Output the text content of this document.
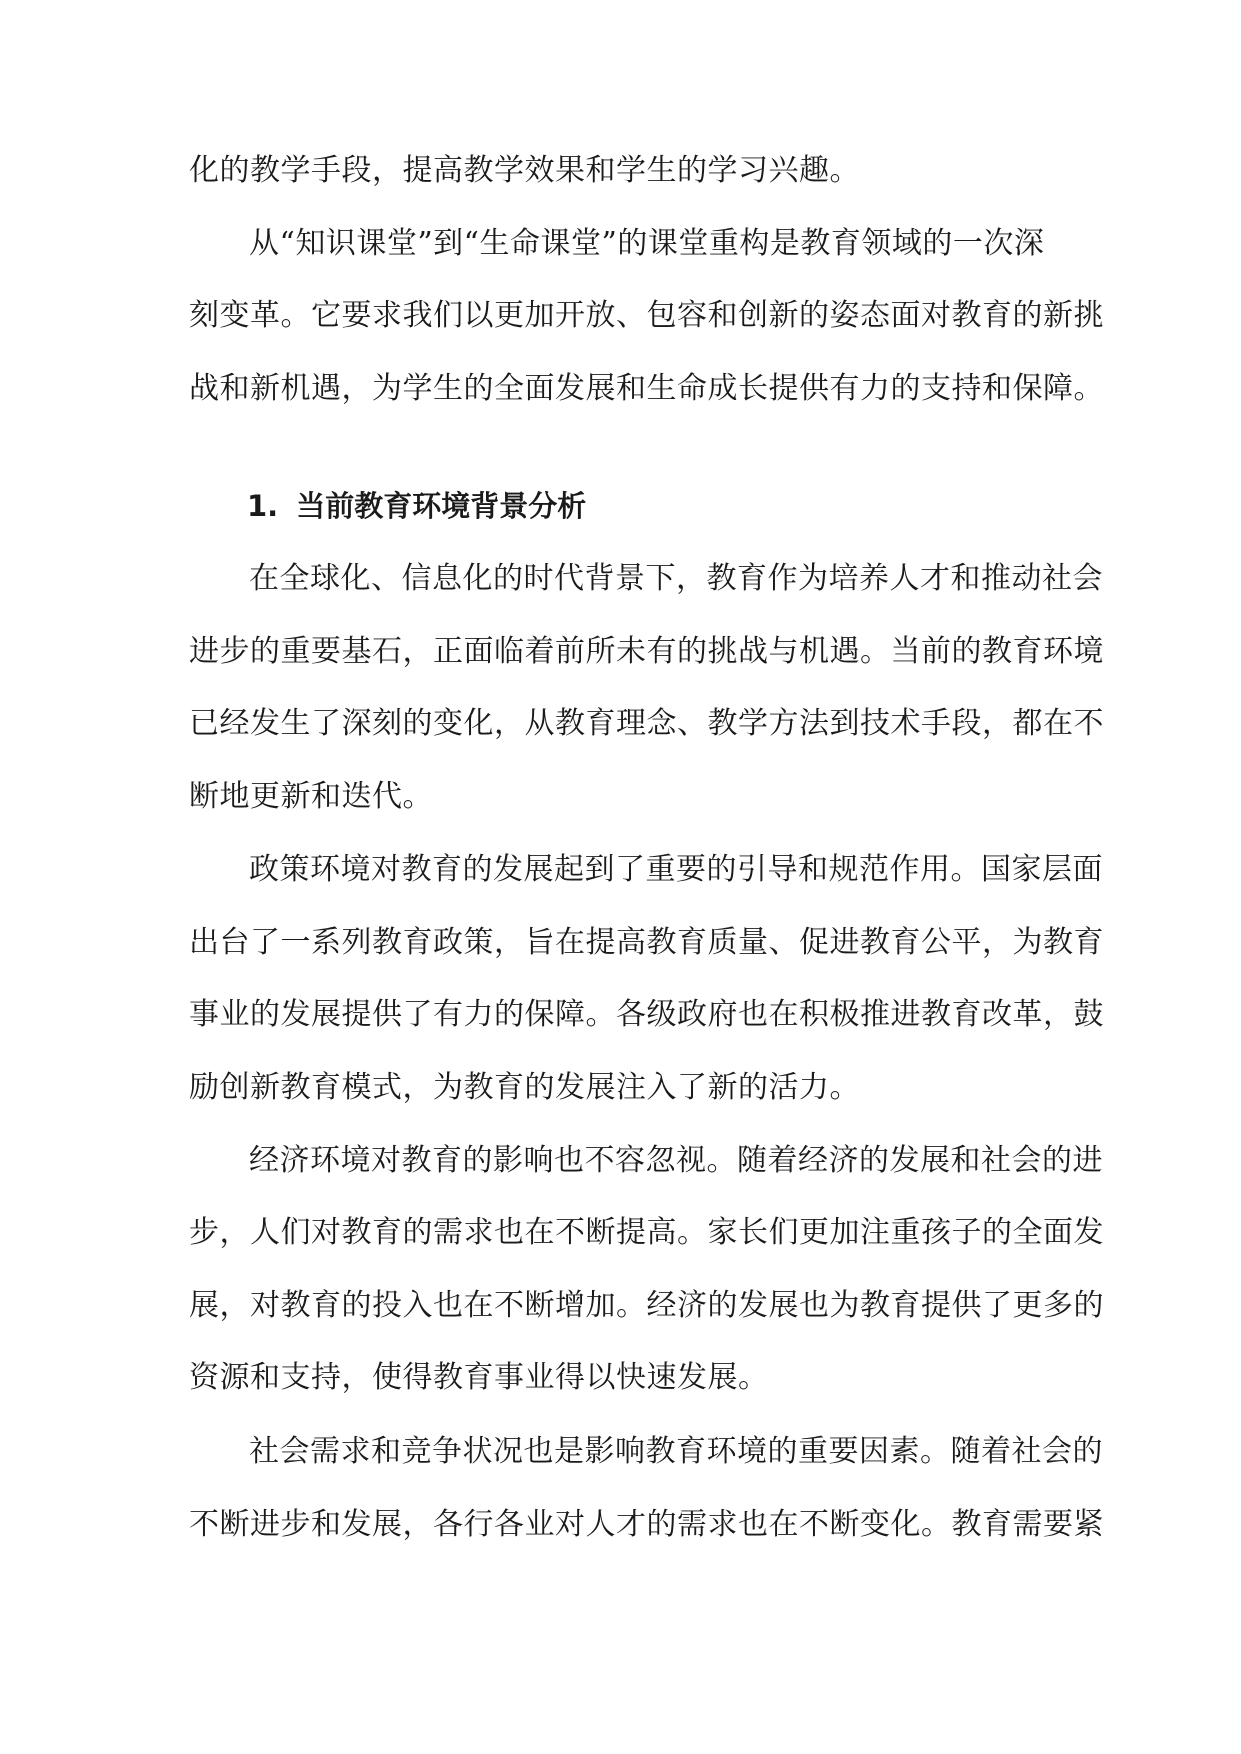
化的教学手段，提高教学效果和学生的学习兴趣。
从“知识课堂”到“生命课堂”的课堂重构是教育领域的一次深
刻变革。它要求我们以更加开放、包容和创新的姿态面对教育的新挑
战和新机遇，为学生的全面发展和生命成长提供有力的支持和保障。
1. 当前教育环境背景分析
在全球化、信息化的时代背景下，教育作为培养人才和推动社会
进步的重要基石，正面临着前所未有的挑战与机遇。当前的教育环境
已经发生了深刻的变化，从教育理念、教学方法到技术手段，都在不
断地更新和迭代。
政策环境对教育的发展起到了重要的引导和规范作用。国家层面
出台了一系列教育政策，旨在提高教育质量、促进教育公平，为教育
事业的发展提供了有力的保障。各级政府也在积极推进教育改革，鼓
励创新教育模式，为教育的发展注入了新的活力。
经济环境对教育的影响也不容忽视。随着经济的发展和社会的进
步，人们对教育的需求也在不断提高。家长们更加注重孩子的全面发
展，对教育的投入也在不断增加。经济的发展也为教育提供了更多的
资源和支持，使得教育事业得以快速发展。
社会需求和竞争状况也是影响教育环境的重要因素。随着社会的
不断进步和发展，各行各业对人才的需求也在不断变化。教育需要紧
